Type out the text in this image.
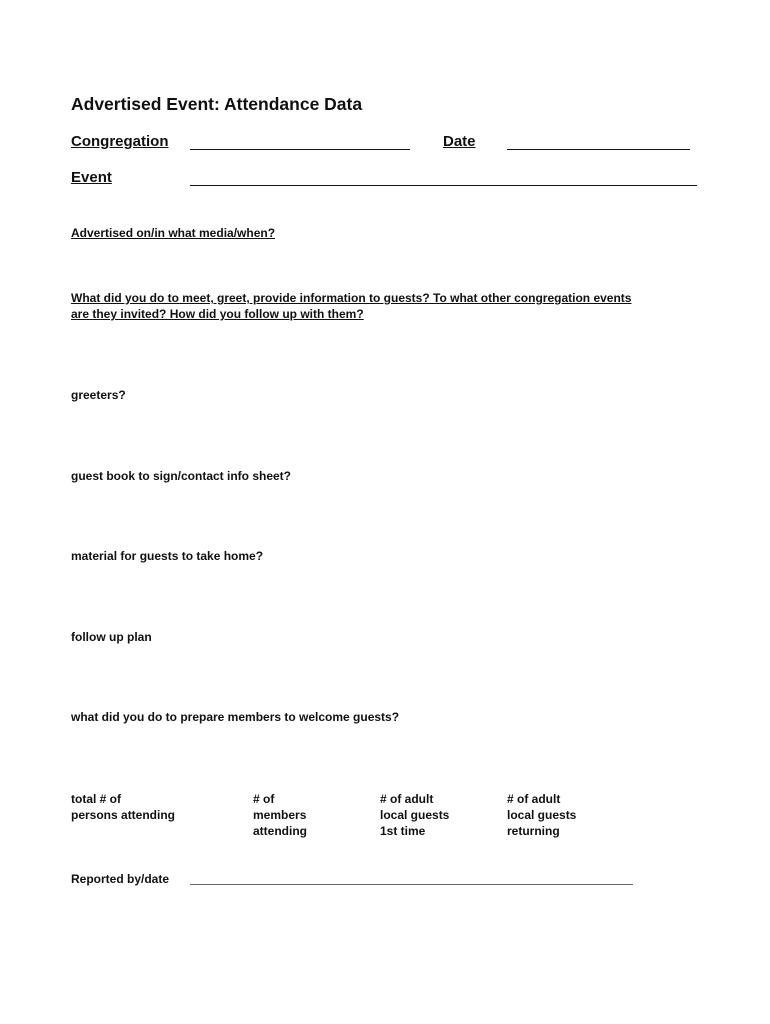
Advertised Event: Attendance Data
Congregation	Date
Event
Advertised on/in what media/when?
What did you do to meet, greet, provide information to guests? To what other congregation events
are they invited? How did you follow up with them?
greeters?
guest book to sign/contact info sheet?
material for guests to take home?
follow up plan
what did you do to prepare members to welcome guests?
total # of
persons attending
# of
members
attending
# of adult
local guests
1st time
# of adult
local guests
returning
Reported by/date
